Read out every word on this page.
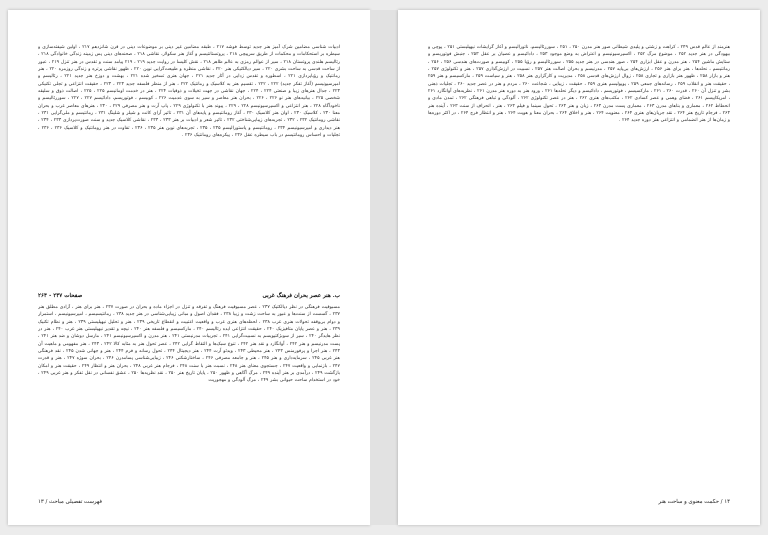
ادبیات شناسی مضامین شرک آمیز هنر جدید توسط فوشه ۲۱۷ ، طبقه مضامین غیر دینی بر موضوعات دینی در قرن شانزدهم ۲۱۷ ، اولین شیفته‌سازی و سیطره بر استحکامات و محکمات از طریق سرپیچی ۲۱۸ ، پروتستانتیسم و آغاز هنر سکولار، نقاشی ۲۱۸ ، صحنه‌های دینی پس زمینه زندگی خانوادگی ۲۱۸ ، رئالیسم‌ هلندی پروتستان ۲۱۸ ، سیر از عوالم رمزی به عالم ظاهر ۲۱۸ ، نقش کلیسا در روایت جدید ۲۱۹ ، ۲۱۹ پیامد سنت و تقدس در هنر تنزل ۲۱۹ ، عبور از ساحت قدسی به ساحت بشری ۲۲۰ ، سیر دیالکتیکی هنر ۲۲۰ ، نقاشی منظره و طبیعت‌گرایی نوین ۲۲۰ ، ظهور نقاشی پرتره و زندگی روزمره ۲۲۰ ، هنر رمانتیک و رؤیاپردازی ۲۲۱ ، اسطوره و تقدس زدایی در آثار جدید ۲۲۱ ، جهان هنری تسخیر شده ۲۲۱ ، بهشت و دوزخ هنر جدید ۲۲۱ ، رئالیسم و امپرسیونیسم (آغاز تفکر جدید) ۲۲۲ ، ۲۲۲ ، تقسیم هنر به کلاسیک و رمانتیک ۲۲۲ ، هنر از منظر فلسفه جدید ۲۲۳ ، ۲۲۳ ، حقیقت انتزاعی و تجلی تکنیکی ۲۲۳ ، جدال هنرهای زیبا و صنعتی ۲۲۴ ، ۲۲۴ ، جهان نقاشی در جهت تخیلات و ذوقیات ۲۲۴ ، هنر در خدمت اومانیسم ۲۲۵ ، ۲۲۵ ، اصالت ذوق و سلیقه شخصی ۲۲۵ ، بیانیه‌های هنر نو ۲۲۶ ، ۲۲۶ ، بحران هنر معاصر و سیر به سوی عدمیت ۲۲۶ ، کوبیسم ، فوتوریسم، دادائیسم ۲۲۷ ، ۲۲۷ ، سوررئالیسم و ناخودآگاه ۲۲۸ ، هنر انتزاعی و اکسپرسیونیسم ۲۲۸ ، ۲۲۹ ، پیوند هنر با تکنولوژی ۲۲۹ ، پاپ آرت و هنر مصرفی ۲۲۹ ، ۲۳۰ ، هنرهای معاصر غرب و بحران معنا ۲۳۰ ، کلاسیک ۲۳۰ ، اوان هنر کلاسیک ۲۳۰ ، آغاز رومانتیسم و پایه‌های آن ۲۳۱ ، تاثیر آرای کانت و شیلر و شلینگ ۲۳۱ ، رمانتیسم و ملی‌گرایی ۲۳۱ ، نقاشی رومانتیک ۲۳۲ ، ۲۳۲ ، تجربه‌های زیبایی‌شناختی ۲۳۲ ، تاثیر شعر و ادبیات بر هنر ۲۳۳ ، ۲۳۳ ، نقاشی کلاسیک جدید و سنت صورت‌پردازی ۲۳۳ ، ۲۳۴ ، هنر دیداری و امپرسیونیسم ۲۳۴ ، رومانتیسم و پاستورالیسم ۲۳۵ ، ۲۳۵ ، تجربه‌های نوین هنر ۲۳۵ ، ۲۳۶ ، تفاوت در هنر رومانتیک و کلاسیک ۲۳۶ ، ۲۳۶ ، تجلیات و احساس رومانتیسم در باب سیطره عقل ۲۳۶ ، پیکره‌های رومانتیک ۲۳۶ .
صفحات ۲۳۷ - ۲۶۴	ب. هنر عصر بحران فرهنگ غربی
مسبوقیت فرهنگی در نظر دیالکتیک ۲۳۷ ، عصر مسبوقیت فرهنگ و تفرقه و تنزل در اجزاء ماده و بحران در صورت ۲۳۷ ، هنر برای هنر ، آزادی مطلق هنر ۲۳۷ ، گسست از سنت‌ها و عبور به ساحت زشت و زیبا ۲۳۸ ، فقدان اصول و مبانی زیبایی‌شناسی در هنر جدید ۲۳۸ ، رمانتیسیسم ، امپرسیونیسم ، استمرار و دوام بی‌وقفه تحولات هنری غرب ۲۳۸ ، لحظه‌های هنری غرب و واقعیت اعتبیت و انقطاع تاریخی ۲۳۹ ، هنر و تحلیل نیهیلیستی ۲۳۹ ، هنر و نظام تکنیک ۲۳۹ ، هنر و عصر پایان متافیزیک ۲۴۰ ، حقیقت انتزاعی ایده رئالیسم ۲۴۰ ، مارکسیسم و فلسفه هنر ۲۴۰ ، نیچه و تقدیر نیهیلیستی هنر غرب ۲۴۰ ، هنر در نظر هایدگر ۲۴۰ ، سیر از سوبژکتیویسم به نسبیت‌گرایی ۲۴۱ ، تجربیات مدرنیستی ۲۴۱ ، هنر مدرن و اکسپرسیونیسم ۲۴۱ ، مارسل دوشان و ضد هنر ۲۴۱ ، پست مدرنیسم و هنر ۲۴۲ ، آوانگارد و نقد هنر ۲۴۲ ، تنوع سبک‌ها و التقاط گرایی ۲۴۲ ، عصر تحول هنر به مثابه کالا ۲۴۲ ، ۲۴۳ ، هنر مفهومی و ماهیت آن ۲۴۳ ، هنر اجرا و پرفورمنس ۲۴۳ ، هنر محیطی ۲۴۳ ، ویدئو آرت ۲۴۴ ، هنر دیجیتال ۲۴۴ ، تحول رسانه و فرم ۲۴۴ ، هنر و جهانی شدن ۲۴۵ ، نقد فرهنگی هنر غربی ۲۴۵ ، سرمایه‌داری و هنر ۲۴۵ ، هنر و جامعه مصرفی ۲۴۶ ، ساختارشکنی ۲۴۶ ، زیبایی‌شناسی پسامدرن ۲۴۶ ، بحران سوژه ۲۴۷ ، هنر و قدرت ۲۴۷ ، بازنمایی و واقعیت ۲۴۷ ، جستجوی معنای هنر ۲۴۸ ، نسبت هنر با سنت ۲۴۸ ، فرجام هنر غربی ۲۴۸ ، بحران هنر و انتظار ۲۴۹ ، حقیقت هنر و امکان بازگشت ۲۴۹ ، درآمدی بر هنر آینده ۲۴۹ ، مرگ آگاهی و ظهور ۲۵۰ ، پایان تاریخ هنر ۲۵۰ ، نقد نظریه‌ها ۲۵۰ ، عشق نفسانی در نقل تفکر و هنر غربی ۲۴۹ ، خود در استخدام ساحت حیوانی بشر ۲۴۹ ، مرگ آلودگی و مهجوریت
فهرست تفصیلی مباحث / ۱۳
هنرمند از عالم قدس ۲۴۹ ، کراهت و زشتی و پلیدی شیطانی صور هنر مدرن ۲۵۰ ، ۲۵۱ ، سوررئالیسم، ناتورالیسم و آغاز گرایشات نیهیلیستی ۲۵۱ ، پوچی و بیهودگی در هنر جدید ۲۵۲ ، موضوع مرگ ۲۵۲ ، اکسپرسیونیسم و اعتراض به وضع موجود ۲۵۳ ، دادائیسم و عصیان بر عقل ۲۵۳ ، جنبش فوتوریسم و ستایش ماشین ۲۵۴ ، هنر مدرن و عقل ابزاری ۲۵۴ ، صور هندسی در هنر جدید ۲۵۵ ، سوررئالیسم و رؤیا ۲۵۵ ، کوبیسم و صورت‌های هندسی ۲۵۶ ، ۲۵۶ ، رمانتیسم ، نحله‌ها ، هنر برای هنر ۲۵۶ ، ارزش‌های بی‌پایه ۲۵۷ ، مدرنیسم و بحران اصالت هنر ۲۵۷ ، نسبیت در ارزش‌گذاری ۲۵۷ ، هنر و تکنولوژی ۲۵۷ ، هنر و بازار ۲۵۸ ، ظهور هنر بازاری و تجاری ۲۵۸ ، زوال ارزش‌های قدسی ۲۵۸ ، مدیریت و کارگزاری هنر ۲۵۸ ، هنر و سیاست ۲۵۹ ، مارکسیسم و هنر ۲۵۹ ، حقیقت هنر و انقلاب ۲۵۹ ، رسانه‌های جمعی ۲۵۹ ، پوپولیسم هنری ۲۵۹ ، حقیقت ، زیبایی ، شجاعت ۲۶۰ ، مردم و هنر در عصر جدید ۲۶۰ ، تجلیات ذهنی بشر و تنزل آن ۲۶۰ ، قدرت ۲۶۰ ، ۲۶۱ ، مارکسیسم ، فوتوریسم ، دادائیسم و دیگر نحله‌ها ۲۶۱ ، ورود هنر به دوره هنر مدرن ۲۶۱ ، نظریه‌های آوانگارد ۲۶۱ ، امریکاییسم ۲۶۱ ، فضای وهمی و عصر کسادی ۲۶۲ ، مکتب‌های هنری ۲۶۲ ، هنر در عصر تکنولوژی ۲۶۲ ، آلودگی و تباهی فرهنگی ۲۶۲ ، تمدن مادی و انحطاط ۲۶۲ ، معماری و بناهای مدرن ۲۶۳ ، معماری پست مدرن ۲۶۳ ، زبان و هنر ۲۶۳ ، تحول سینما و فیلم ۲۶۳ ، هنر ، انحراف از سنت ۲۶۳ ، آینده هنر ۲۶۳ ، فرجام تاریخ هنر ۲۶۴ ، نقد جریان‌های هنری ۲۶۴ ، معنویت ۲۶۴ ، هنر و اخلاق ۲۶۴ ، بحران معنا و هویت ۲۶۴ ، هنر و انتظار فرج ۲۶۴ ، در اکثر دوره‌ها و زمان‌ها از هنر انضمامی و انتزاعی هنر دوره جدید ۲۶۴ .
۱۴ / حکمت معنوی و ساحت هنر
